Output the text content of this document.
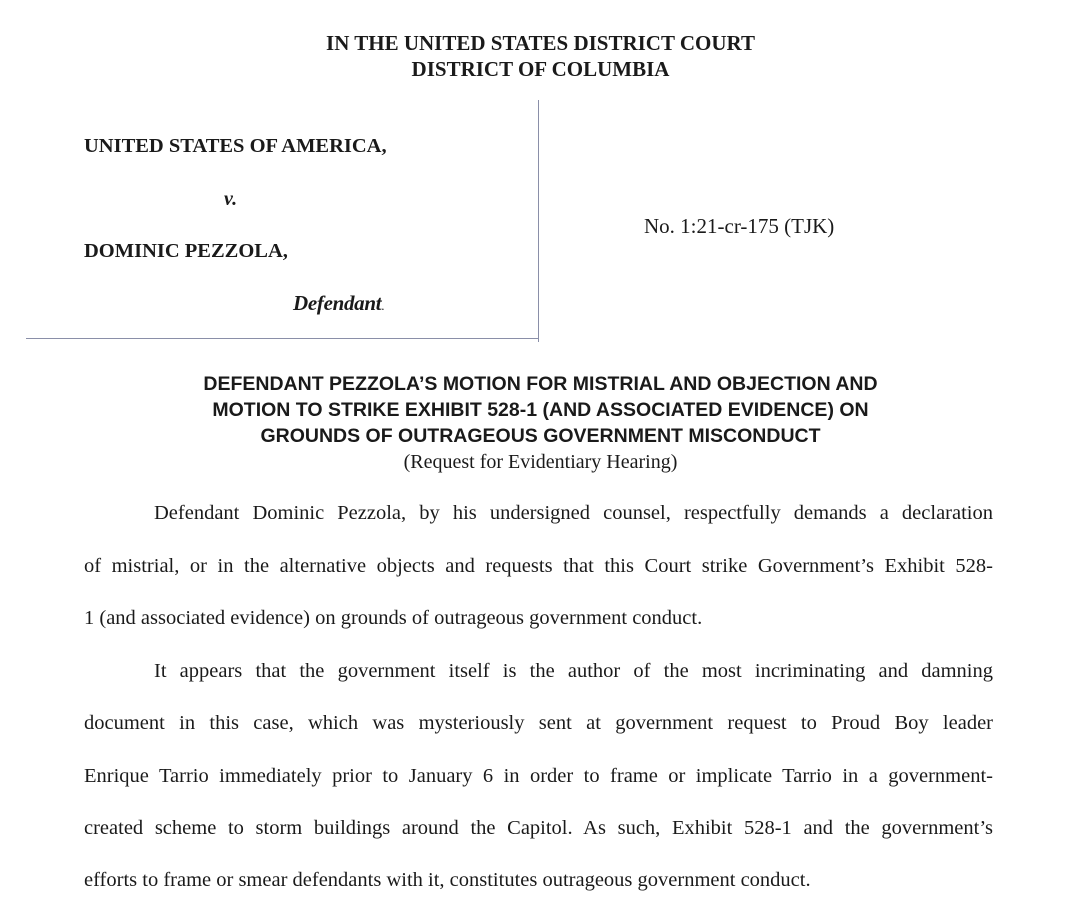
IN THE UNITED STATES DISTRICT COURT
DISTRICT OF COLUMBIA
UNITED STATES OF AMERICA,
v.
DOMINIC PEZZOLA,
Defendant.
No. 1:21-cr-175 (TJK)
DEFENDANT PEZZOLA’S MOTION FOR MISTRIAL AND OBJECTION AND
MOTION TO STRIKE EXHIBIT 528-1 (AND ASSOCIATED EVIDENCE) ON
GROUNDS OF OUTRAGEOUS GOVERNMENT MISCONDUCT
(Request for Evidentiary Hearing)
Defendant Dominic Pezzola, by his undersigned counsel, respectfully demands a declaration
of mistrial, or in the alternative objects and requests that this Court strike Government’s Exhibit 528-
1 (and associated evidence) on grounds of outrageous government conduct.
It appears that the government itself is the author of the most incriminating and damning
document in this case, which was mysteriously sent at government request to Proud Boy leader
Enrique Tarrio immediately prior to January 6 in order to frame or implicate Tarrio in a government-
created scheme to storm buildings around the Capitol. As such, Exhibit 528-1 and the government’s
efforts to frame or smear defendants with it, constitutes outrageous government conduct.
